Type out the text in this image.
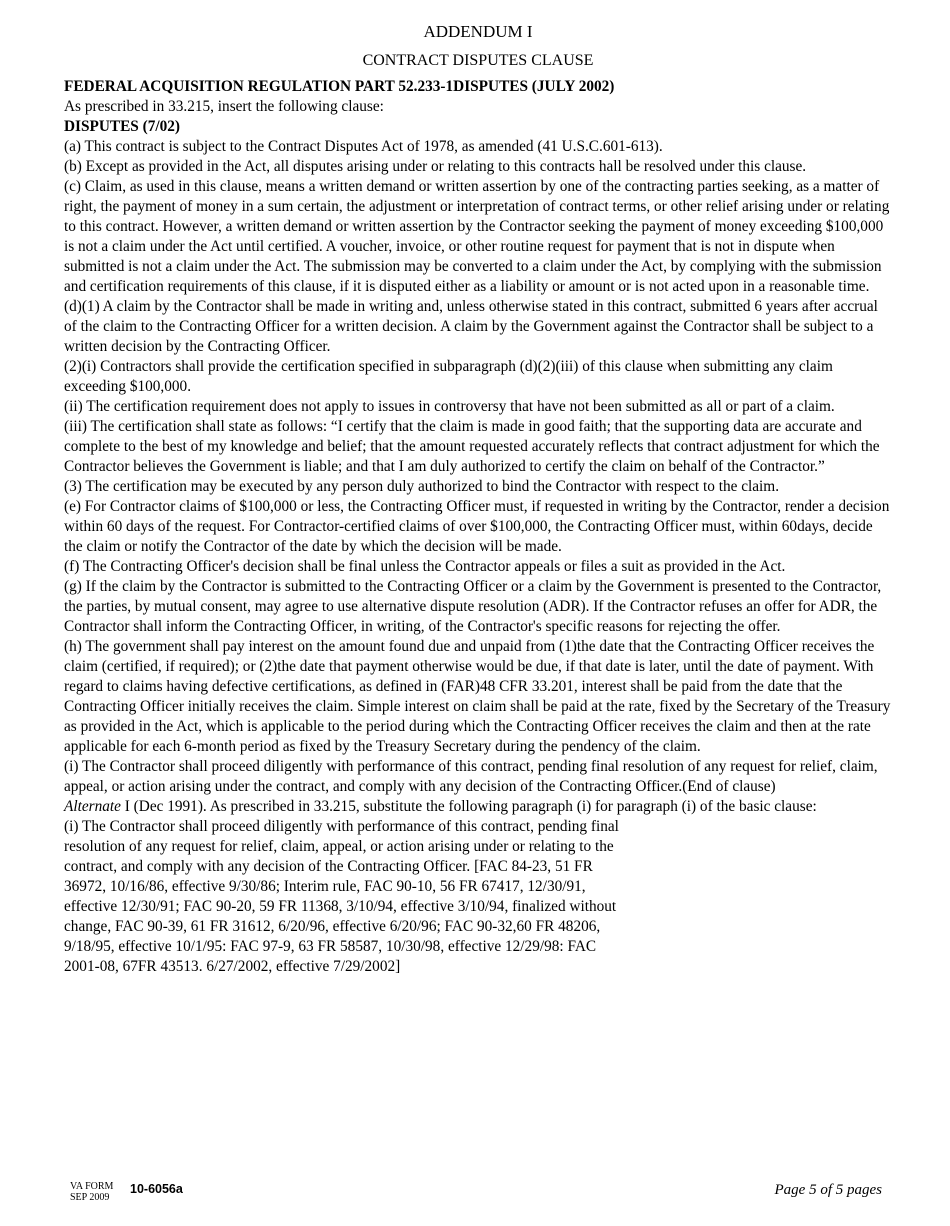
ADDENDUM I
CONTRACT DISPUTES CLAUSE

FEDERAL ACQUISITION REGULATION PART 52.233-1DISPUTES (JULY 2002)

As prescribed in 33.215, insert the following clause:

DISPUTES (7/02)

(a) This contract is subject to the Contract Disputes Act of 1978, as amended (41 U.S.C.601-613).

(b) Except as provided in the Act, all disputes arising under or relating to this contracts hall be resolved under this clause.

(c) Claim, as used in this clause, means a written demand or written assertion by one of the contracting parties seeking, as a matter of right, the payment of money in a sum certain, the adjustment or interpretation of contract terms, or other relief arising under or relating to this contract. However, a written demand or written assertion by the Contractor seeking the payment of money exceeding $100,000 is not a claim under the Act until certified. A voucher, invoice, or other routine request for payment that is not in dispute when submitted is not a claim under the Act. The submission may be converted to a claim under the Act, by complying with the submission and certification requirements of this clause, if it is disputed either as a liability or amount or is not acted upon in a reasonable time.

(d)(1) A claim by the Contractor shall be made in writing and, unless otherwise stated in this contract, submitted 6 years after accrual of the claim to the Contracting Officer for a written decision. A claim by the Government against the Contractor shall be subject to a written decision by the Contracting Officer.

(2)(i) Contractors shall provide the certification specified in subparagraph (d)(2)(iii) of this clause when submitting any claim exceeding $100,000.

(ii) The certification requirement does not apply to issues in controversy that have not been submitted as all or part of a claim.

(iii) The certification shall state as follows: “I certify that the claim is made in good faith; that the supporting data are accurate and complete to the best of my knowledge and belief; that the amount requested accurately reflects that contract adjustment for which the Contractor believes the Government is liable; and that I am duly authorized to certify the claim on behalf of the Contractor.”

(3) The certification may be executed by any person duly authorized to bind the Contractor with respect to the claim.

(e) For Contractor claims of $100,000 or less, the Contracting Officer must, if requested in writing by the Contractor, render a decision within 60 days of the request. For Contractor-certified claims of over $100,000, the Contracting Officer must, within 60days, decide the claim or notify the Contractor of the date by which the decision will be made.

(f) The Contracting Officer's decision shall be final unless the Contractor appeals or files a suit as provided in the Act.

(g) If the claim by the Contractor is submitted to the Contracting Officer or a claim by the Government is presented to the Contractor, the parties, by mutual consent, may agree to use alternative dispute resolution (ADR). If the Contractor refuses an offer for ADR, the Contractor shall inform the Contracting Officer, in writing, of the Contractor's specific reasons for rejecting the offer.

(h) The government shall pay interest on the amount found due and unpaid from (1)the date that the Contracting Officer receives the claim (certified, if required); or (2)the date that payment otherwise would be due, if that date is later, until the date of payment. With regard to claims having defective certifications, as defined in (FAR)48 CFR 33.201, interest shall be paid from the date that the Contracting Officer initially receives the claim. Simple interest on claim shall be paid at the rate, fixed by the Secretary of the Treasury as provided in the Act, which is applicable to the period during which the Contracting Officer receives the claim and then at the rate applicable for each 6-month period as fixed by the Treasury Secretary during the pendency of the claim.

(i) The Contractor shall proceed diligently with performance of this contract, pending final resolution of any request for relief, claim, appeal, or action arising under the contract, and comply with any decision of the Contracting Officer.(End of clause)

Alternate I (Dec 1991). As prescribed in 33.215, substitute the following paragraph (i) for paragraph (i) of the basic clause:

(i) The Contractor shall proceed diligently with performance of this contract, pending final resolution of any request for relief, claim, appeal, or action arising under or relating to the contract, and comply with any decision of the Contracting Officer. [FAC 84-23, 51 FR 36972, 10/16/86, effective 9/30/86; Interim rule, FAC 90-10, 56 FR 67417, 12/30/91, effective 12/30/91; FAC 90-20, 59 FR 11368, 3/10/94, effective 3/10/94, finalized without change, FAC 90-39, 61 FR 31612, 6/20/96, effective 6/20/96; FAC 90-32,60 FR 48206, 9/18/95, effective 10/1/95: FAC 97-9, 63 FR 58587, 10/30/98, effective 12/29/98: FAC 2001-08, 67FR 43513. 6/27/2002, effective 7/29/2002]

VA FORM
SEP 2009
10-6056a	Page 5 of 5 pages
